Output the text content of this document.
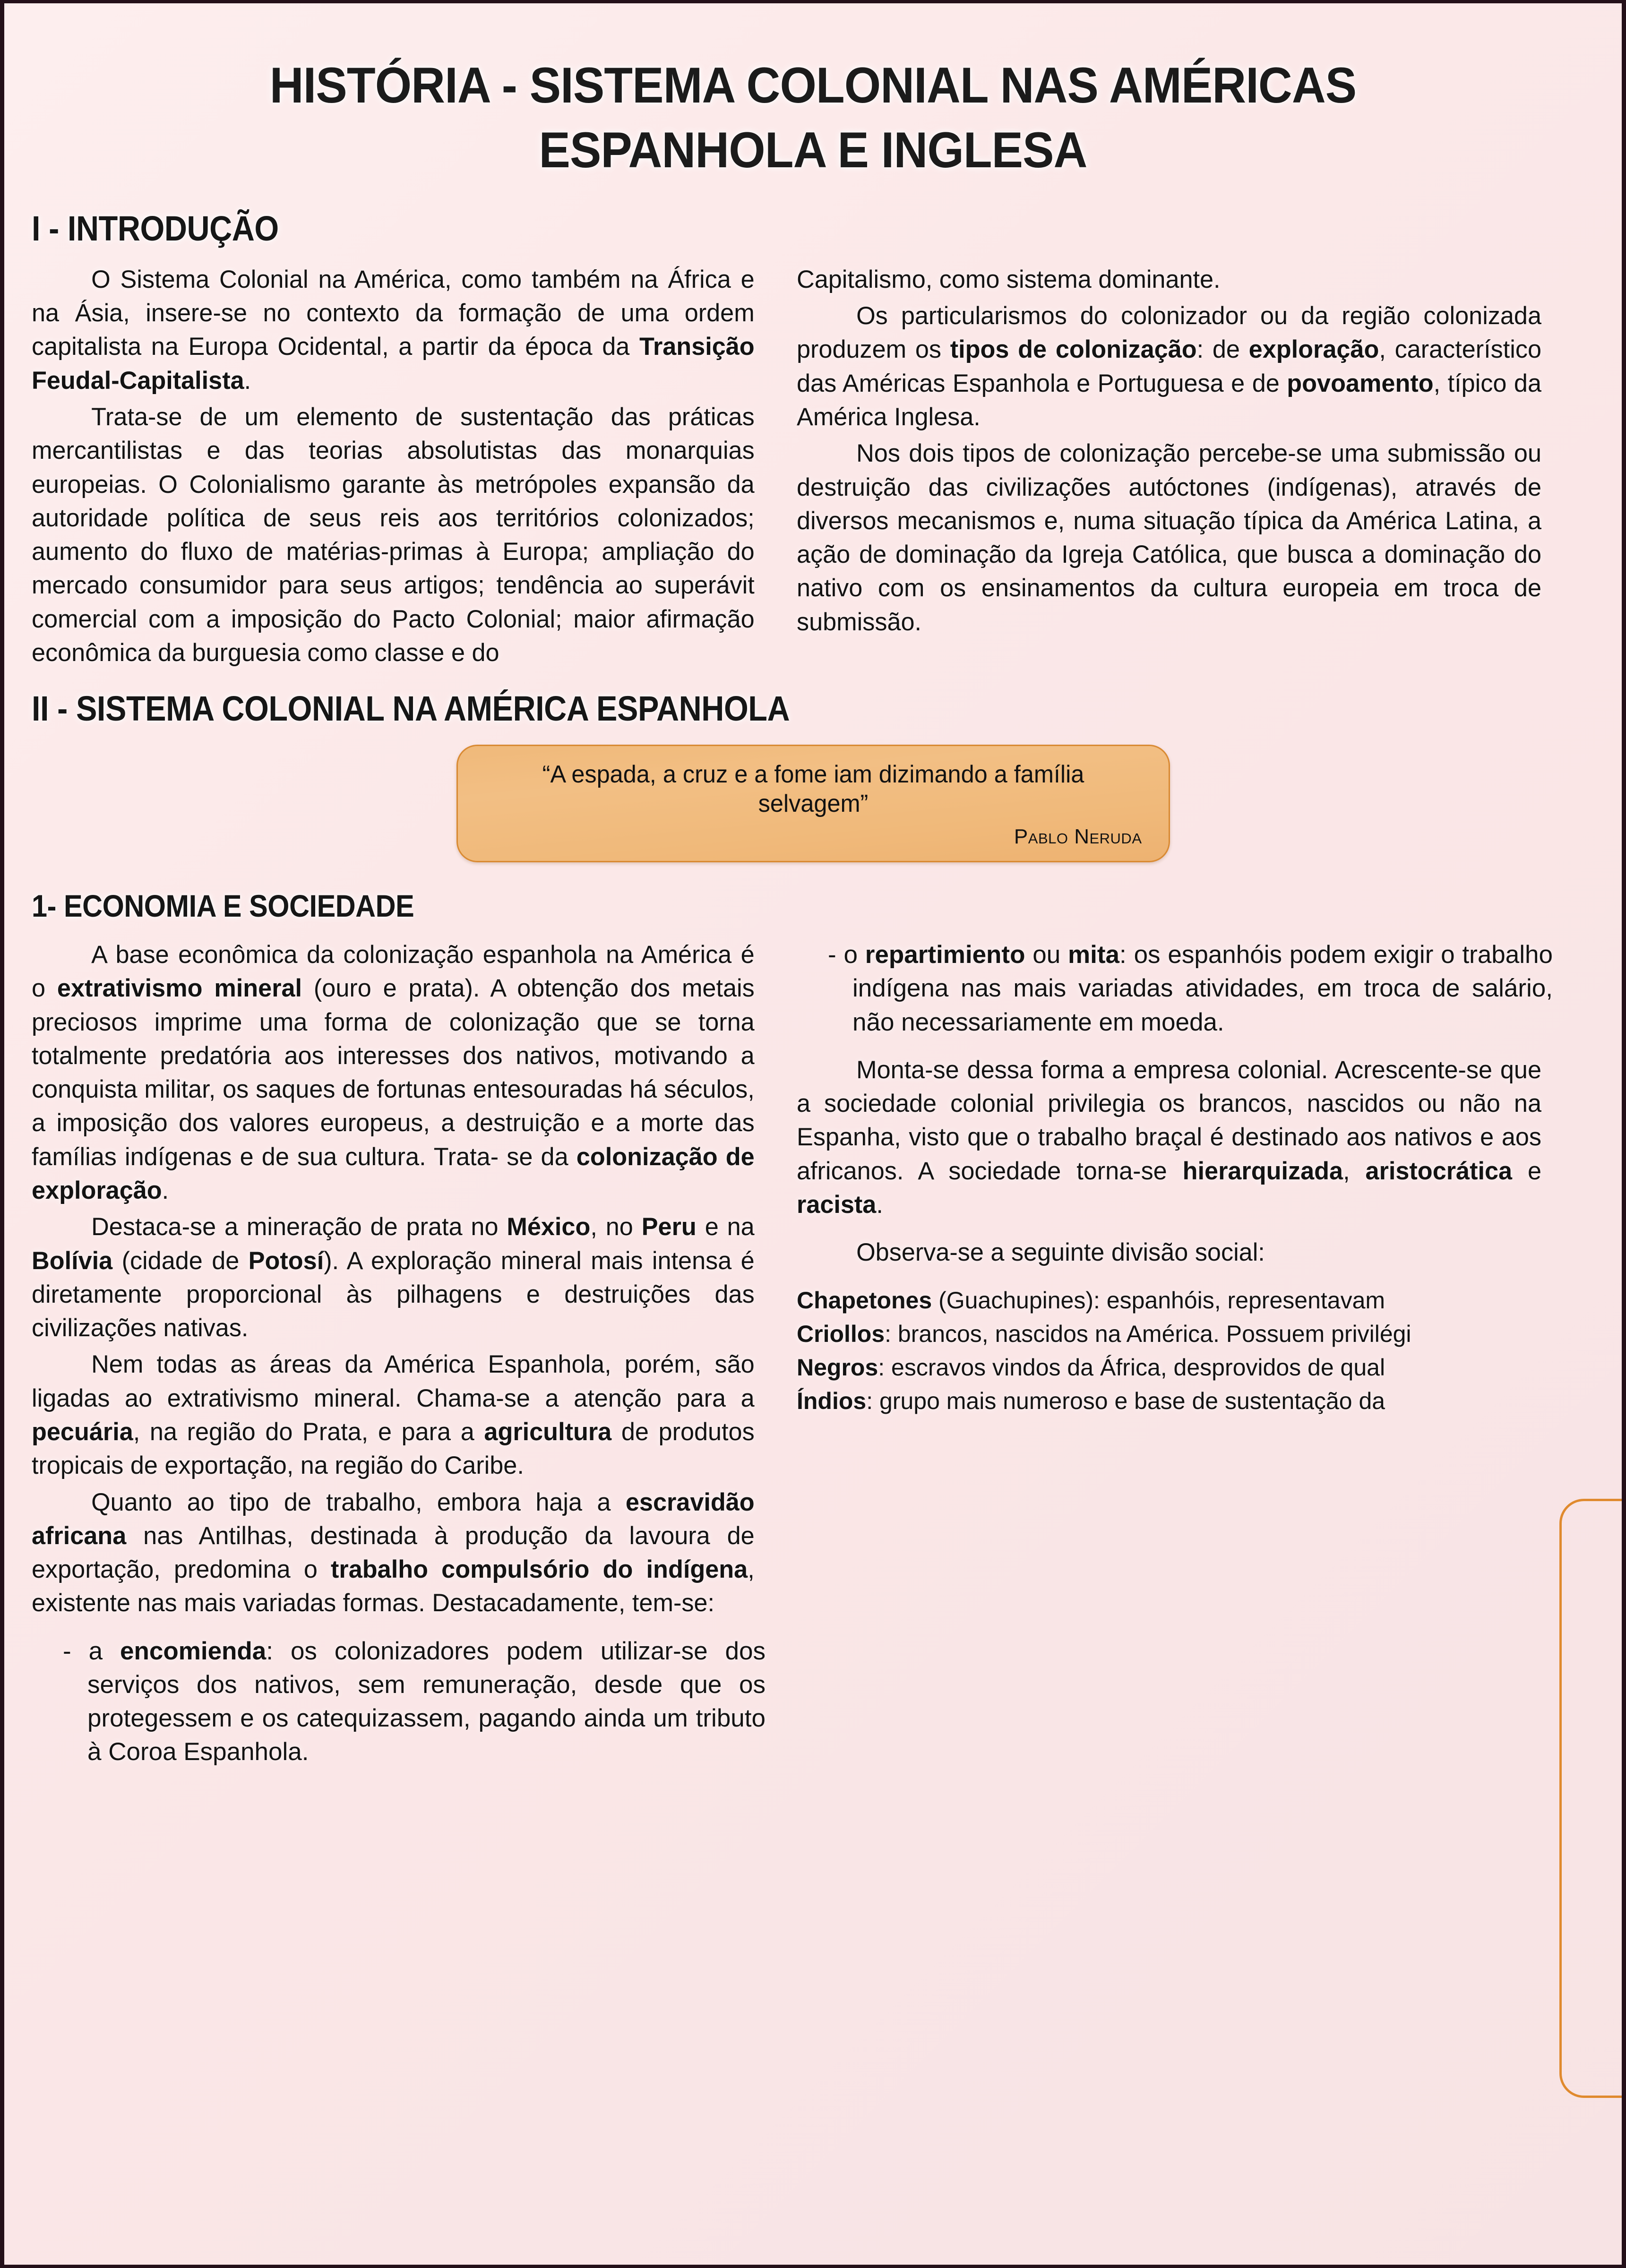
HISTÓRIA - SISTEMA COLONIAL NAS AMÉRICAS
ESPANHOLA E INGLESA
I - INTRODUÇÃO

O Sistema Colonial na América, como também na África e na Ásia, insere-se no contexto da formação de uma ordem capitalista na Europa Ocidental, a partir da época da Transição Feudal-Capitalista.

Trata-se de um elemento de sustentação das práticas mercantilistas e das teorias absolutistas das monarquias europeias. O Colonialismo garante às metrópoles expansão da autoridade política de seus reis aos territórios colonizados; aumento do fluxo de matérias-primas à Europa; ampliação do mercado consumidor para seus artigos; tendência ao superávit comercial com a imposição do Pacto Colonial; maior afirmação econômica da burguesia como classe e do

Capitalismo, como sistema dominante.

Os particularismos do colonizador ou da região colonizada produzem os tipos de colonização: de exploração, característico das Américas Espanhola e Portuguesa e de povoamento, típico da América Inglesa.

Nos dois tipos de colonização percebe-se uma submissão ou destruição das civilizações autóctones (indígenas), através de diversos mecanismos e, numa situação típica da América Latina, a ação de dominação da Igreja Católica, que busca a dominação do nativo com os ensinamentos da cultura europeia em troca de submissão.

II - SISTEMA COLONIAL NA AMÉRICA ESPANHOLA

“A espada, a cruz e a fome iam dizimando a família selvagem”

Pablo Neruda

1- ECONOMIA E SOCIEDADE

A base econômica da colonização espanhola na América é o extrativismo mineral (ouro e prata). A obtenção dos metais preciosos imprime uma forma de colonização que se torna totalmente predatória aos interesses dos nativos, motivando a conquista militar, os saques de fortunas entesouradas há séculos, a imposição dos valores europeus, a destruição e a morte das famílias indígenas e de sua cultura. Trata- se da colonização de exploração.

Destaca-se a mineração de prata no México, no Peru e na Bolívia (cidade de Potosí). A exploração mineral mais intensa é diretamente proporcional às pilhagens e destruições das civilizações nativas.

Nem todas as áreas da América Espanhola, porém, são ligadas ao extrativismo mineral. Chama-se a atenção para a pecuária, na região do Prata, e para a agricultura de produtos tropicais de exportação, na região do Caribe.

Quanto ao tipo de trabalho, embora haja a escravidão africana nas Antilhas, destinada à produção da lavoura de exportação, predomina o trabalho compulsório do indígena, existente nas mais variadas formas. Destacadamente, tem-se:

- a encomienda: os colonizadores podem utilizar-se dos serviços dos nativos, sem remuneração, desde que os protegessem e os catequizassem, pagando ainda um tributo à Coroa Espanhola.

- o repartimiento ou mita: os espanhóis podem exigir o trabalho indígena nas mais variadas atividades, em troca de salário, não necessariamente em moeda.

Monta-se dessa forma a empresa colonial. Acrescente-se que a sociedade colonial privilegia os brancos, nascidos ou não na Espanha, visto que o trabalho braçal é destinado aos nativos e aos africanos. A sociedade torna-se hierarquizada, aristocrática e racista.

Observa-se a seguinte divisão social:

Chapetones (Guachupines): espanhóis, representavam

Criollos: brancos, nascidos na América. Possuem privilégi

Negros: escravos vindos da África, desprovidos de qual

Índios: grupo mais numeroso e base de sustentação da
